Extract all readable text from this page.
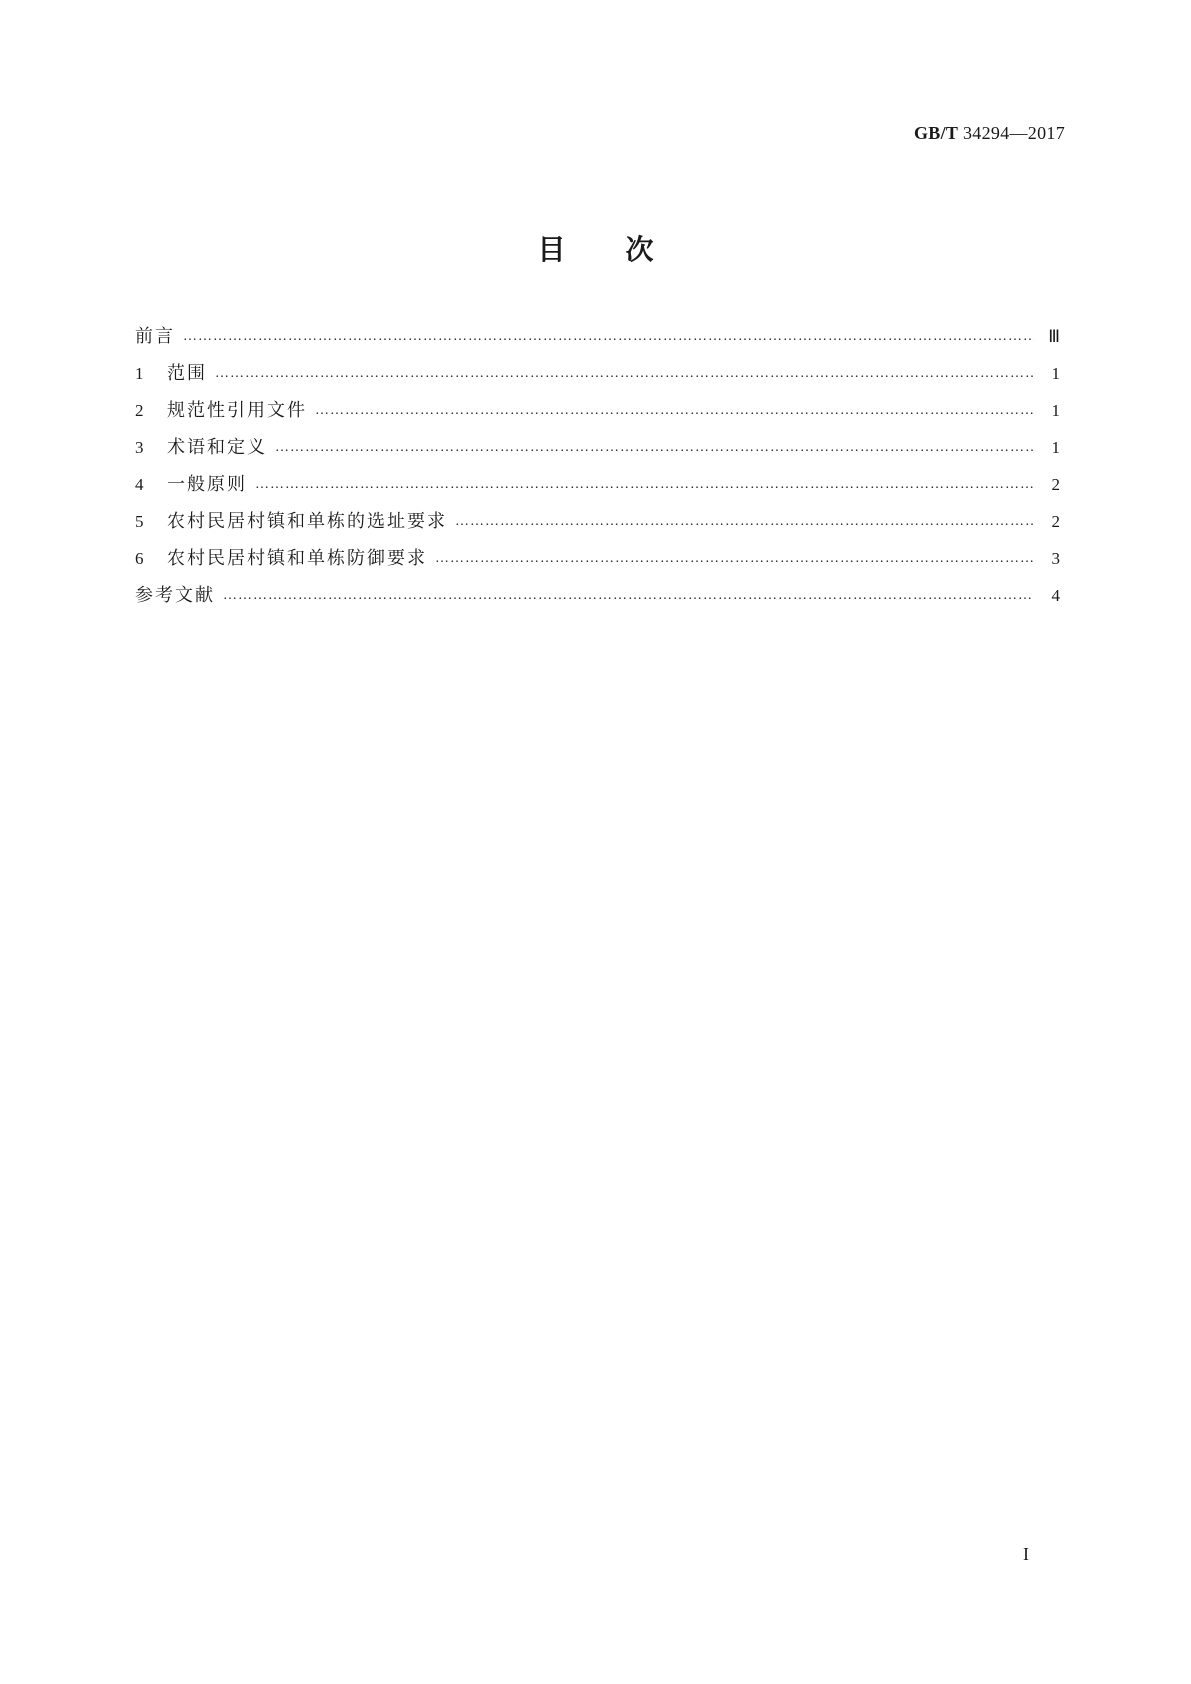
GB/T 34294—2017
目次
前言 ……………………………………………………………………………………………………………………………………………………………………………………………………………………	Ⅲ
1	范围 ……………………………………………………………………………………………………………………………………………………………………………………………………………………	1
2	规范性引用文件 ……………………………………………………………………………………………………………………………………………………………………………………………………………………	1
3	术语和定义 ……………………………………………………………………………………………………………………………………………………………………………………………………………………	1
4	一般原则 ……………………………………………………………………………………………………………………………………………………………………………………………………………………	2
5	农村民居村镇和单栋的选址要求 ……………………………………………………………………………………………………………………………………………………………………………………………………………………	2
6	农村民居村镇和单栋防御要求 ……………………………………………………………………………………………………………………………………………………………………………………………………………………	3
参考文献 ……………………………………………………………………………………………………………………………………………………………………………………………………………………	4
I
